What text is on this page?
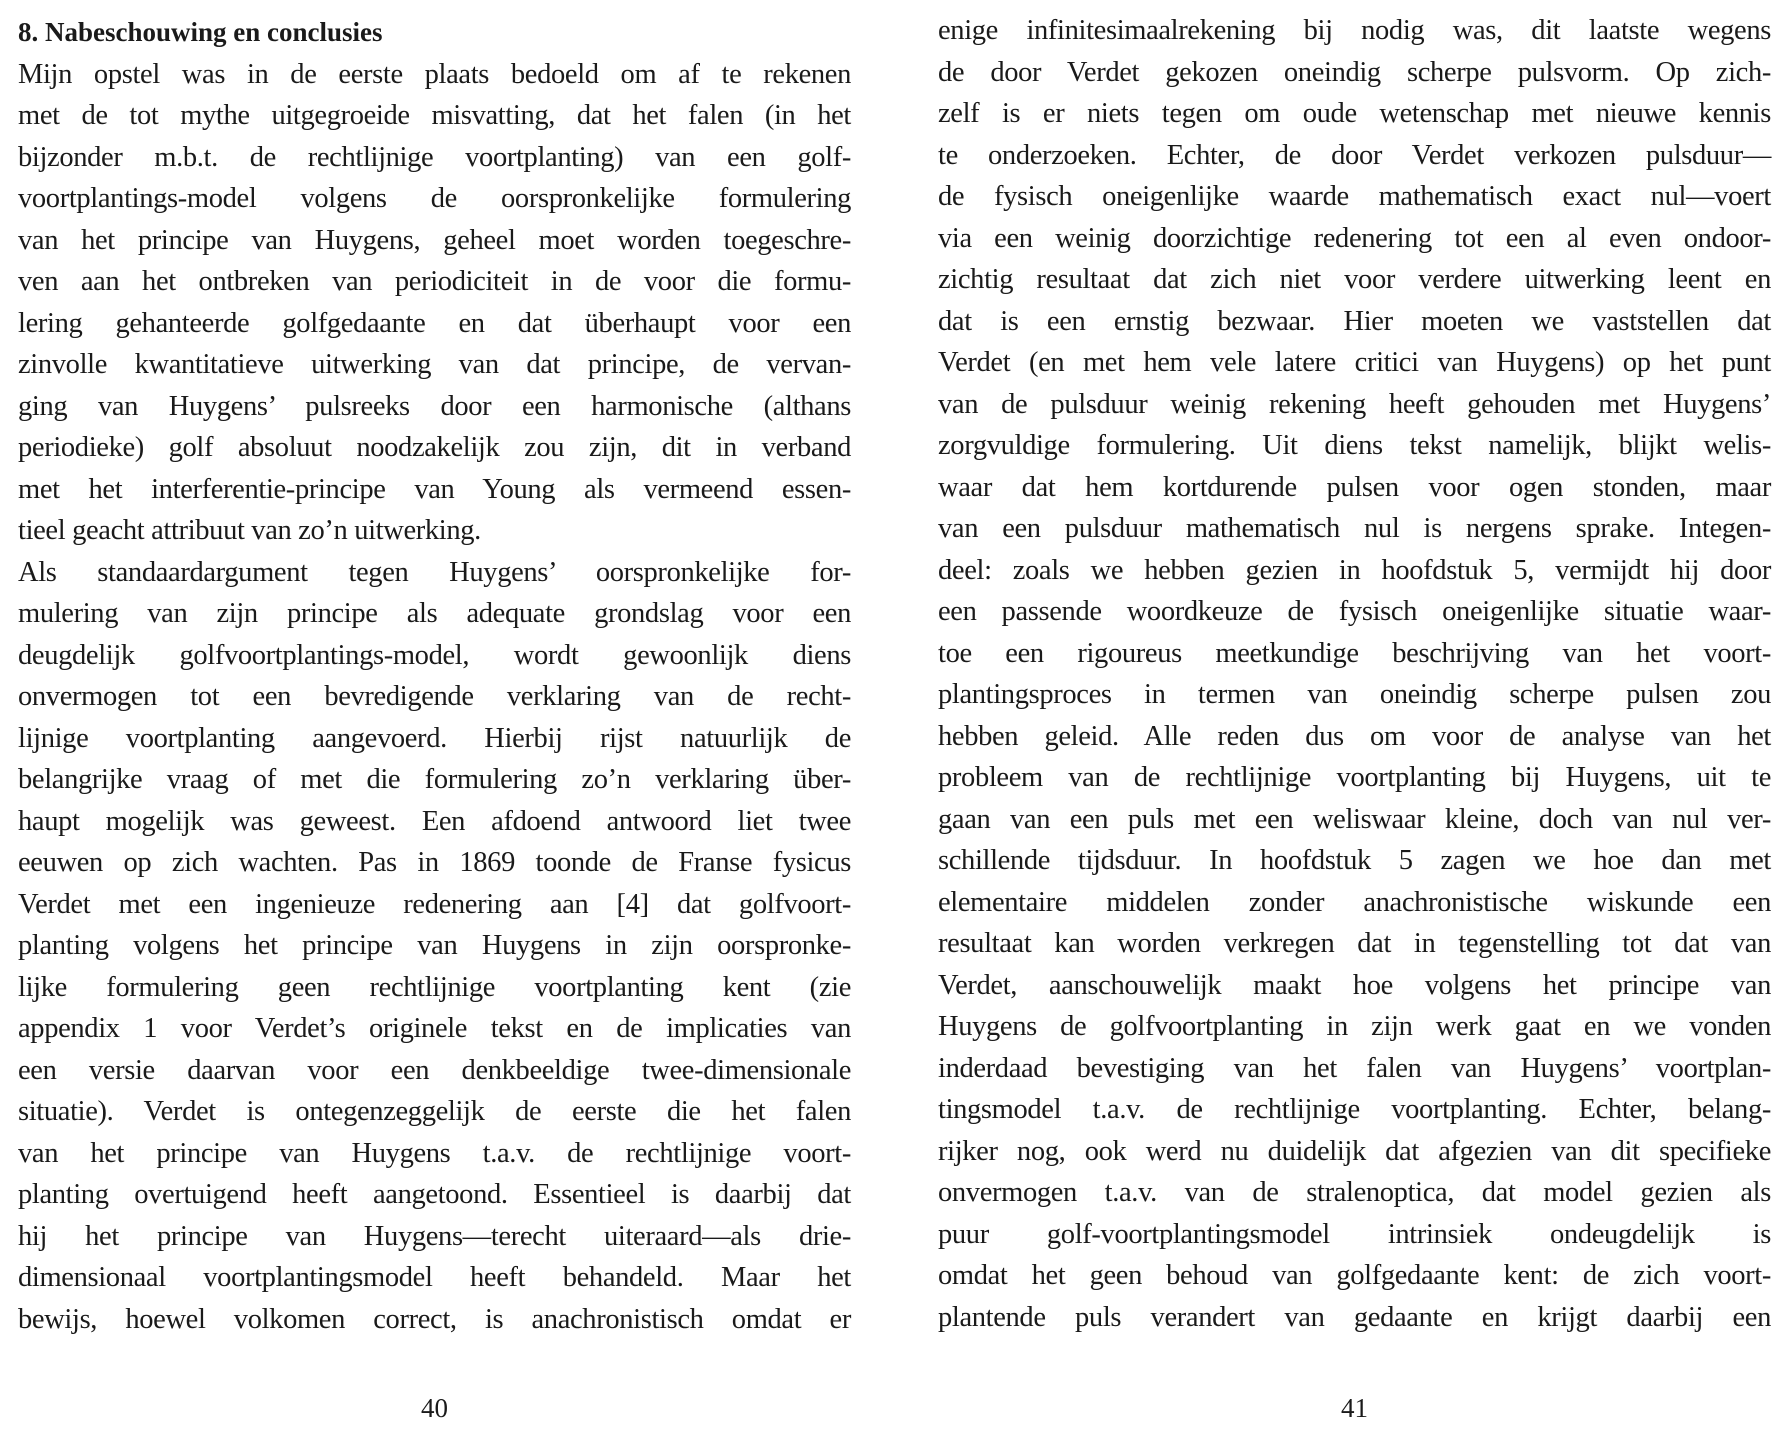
8. Nabeschouwing en conclusies
Mijn opstel was in de eerste plaats bedoeld om af te rekenen
met de tot mythe uitgegroeide misvatting, dat het falen (in het
bijzonder m.b.t. de rechtlijnige voortplanting) van een golf-
voortplantings-model volgens de oorspronkelijke formulering
van het principe van Huygens, geheel moet worden toegeschre-
ven aan het ontbreken van periodiciteit in de voor die formu-
lering gehanteerde golfgedaante en dat überhaupt voor een
zinvolle kwantitatieve uitwerking van dat principe, de vervan-
ging van Huygens’ pulsreeks door een harmonische (althans
periodieke) golf absoluut noodzakelijk zou zijn, dit in verband
met het interferentie-principe van Young als vermeend essen-
tieel geacht attribuut van zo’n uitwerking.
Als standaardargument tegen Huygens’ oorspronkelijke for-
mulering van zijn principe als adequate grondslag voor een
deugdelijk golfvoortplantings-model, wordt gewoonlijk diens
onvermogen tot een bevredigende verklaring van de recht-
lijnige voortplanting aangevoerd. Hierbij rijst natuurlijk de
belangrijke vraag of met die formulering zo’n verklaring über-
haupt mogelijk was geweest. Een afdoend antwoord liet twee
eeuwen op zich wachten. Pas in 1869 toonde de Franse fysicus
Verdet met een ingenieuze redenering aan [4] dat golfvoort-
planting volgens het principe van Huygens in zijn oorspronke-
lijke formulering geen rechtlijnige voortplanting kent (zie
appendix 1 voor Verdet’s originele tekst en de implicaties van
een versie daarvan voor een denkbeeldige twee-dimensionale
situatie). Verdet is ontegenzeggelijk de eerste die het falen
van het principe van Huygens t.a.v. de rechtlijnige voort-
planting overtuigend heeft aangetoond. Essentieel is daarbij dat
hij het principe van Huygens—terecht uiteraard—als drie-
dimensionaal voortplantingsmodel heeft behandeld. Maar het
bewijs, hoewel volkomen correct, is anachronistisch omdat er
40
enige infinitesimaalrekening bij nodig was, dit laatste wegens
de door Verdet gekozen oneindig scherpe pulsvorm. Op zich-
zelf is er niets tegen om oude wetenschap met nieuwe kennis
te onderzoeken. Echter, de door Verdet verkozen pulsduur—
de fysisch oneigenlijke waarde mathematisch exact nul—voert
via een weinig doorzichtige redenering tot een al even ondoor-
zichtig resultaat dat zich niet voor verdere uitwerking leent en
dat is een ernstig bezwaar. Hier moeten we vaststellen dat
Verdet (en met hem vele latere critici van Huygens) op het punt
van de pulsduur weinig rekening heeft gehouden met Huygens’
zorgvuldige formulering. Uit diens tekst namelijk, blijkt welis-
waar dat hem kortdurende pulsen voor ogen stonden, maar
van een pulsduur mathematisch nul is nergens sprake. Integen-
deel: zoals we hebben gezien in hoofdstuk 5, vermijdt hij door
een passende woordkeuze de fysisch oneigenlijke situatie waar-
toe een rigoureus meetkundige beschrijving van het voort-
plantingsproces in termen van oneindig scherpe pulsen zou
hebben geleid. Alle reden dus om voor de analyse van het
probleem van de rechtlijnige voortplanting bij Huygens, uit te
gaan van een puls met een weliswaar kleine, doch van nul ver-
schillende tijdsduur. In hoofdstuk 5 zagen we hoe dan met
elementaire middelen zonder anachronistische wiskunde een
resultaat kan worden verkregen dat in tegenstelling tot dat van
Verdet, aanschouwelijk maakt hoe volgens het principe van
Huygens de golfvoortplanting in zijn werk gaat en we vonden
inderdaad bevestiging van het falen van Huygens’ voortplan-
tingsmodel t.a.v. de rechtlijnige voortplanting. Echter, belang-
rijker nog, ook werd nu duidelijk dat afgezien van dit specifieke
onvermogen t.a.v. van de stralenoptica, dat model gezien als
puur golf-voortplantingsmodel intrinsiek ondeugdelijk is
omdat het geen behoud van golfgedaante kent: de zich voort-
plantende puls verandert van gedaante en krijgt daarbij een
41
